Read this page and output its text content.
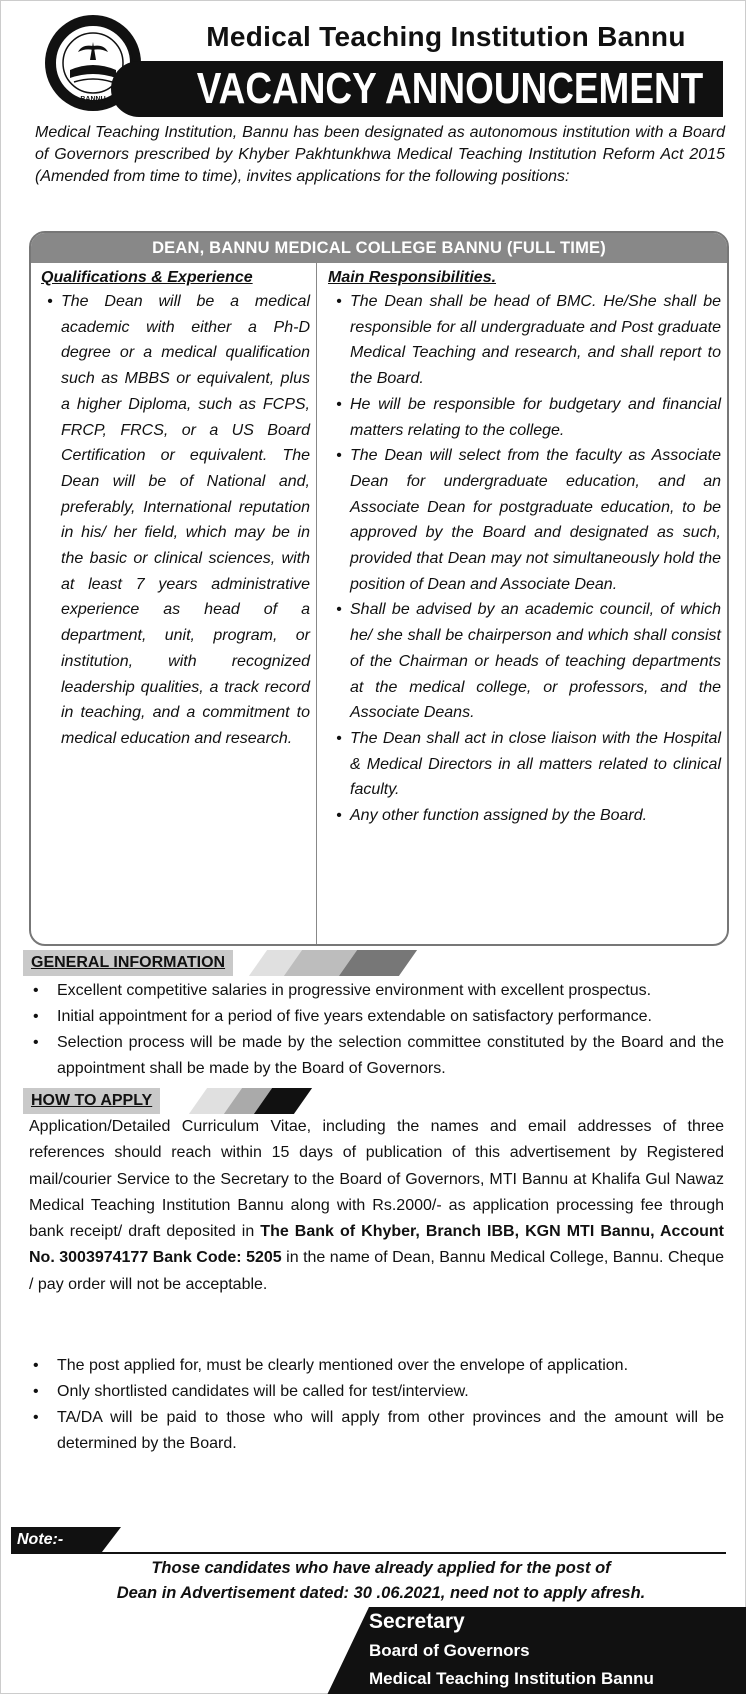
BANNU
Medical Teaching Institution Bannu
VACANCY ANNOUNCEMENT
Medical Teaching Institution, Bannu has been designated as autonomous institution with a Board of Governors prescribed by Khyber Pakhtunkhwa Medical Teaching Institution Reform Act 2015 (Amended from time to time), invites applications for the following positions:
DEAN, BANNU MEDICAL COLLEGE BANNU (FULL TIME)
Qualifications & Experience
• The Dean will be a medical academic with either a Ph-D degree or a medical qualification such as MBBS or equivalent, plus a higher Diploma, such as FCPS, FRCP, FRCS, or a US Board Certification or equivalent. The Dean will be of National and, preferably, International reputation in his/ her field, which may be in the basic or clinical sciences, with at least 7 years administrative experience as head of a department, unit, program, or institution, with recognized leadership qualities, a track record in teaching, and a commitment to medical education and research.
Main Responsibilities.
• The Dean shall be head of BMC. He/She shall be responsible for all undergraduate and Post graduate Medical Teaching and research, and shall report to the Board.
• He will be responsible for budgetary and financial matters relating to the college.
• The Dean will select from the faculty as Associate Dean for undergraduate education, and an Associate Dean for postgraduate education, to be approved by the Board and designated as such, provided that Dean may not simultaneously hold the position of Dean and Associate Dean.
• Shall be advised by an academic council, of which he/ she shall be chairperson and which shall consist of the Chairman or heads of teaching departments at the medical college, or professors, and the Associate Deans.
• The Dean shall act in close liaison with the Hospital & Medical Directors in all matters related to clinical faculty.
• Any other function assigned by the Board.
GENERAL INFORMATION
•	Excellent competitive salaries in progressive environment with excellent prospectus.
•	Initial appointment for a period of five years extendable on satisfactory performance.
•	Selection process will be made by the selection committee constituted by the Board and the appointment shall be made by the Board of Governors.
HOW TO APPLY
Application/Detailed Curriculum Vitae, including the names and email addresses of three references should reach within 15 days of publication of this advertisement by Registered mail/courier Service to the Secretary to the Board of Governors, MTI Bannu at Khalifa Gul Nawaz Medical Teaching Institution Bannu along with Rs.2000/- as application processing fee through bank receipt/ draft deposited in The Bank of Khyber, Branch IBB, KGN MTI Bannu, Account No. 3003974177 Bank Code: 5205 in the name of Dean, Bannu Medical College, Bannu. Cheque / pay order will not be acceptable.
•	The post applied for, must be clearly mentioned over the envelope of application.
•	Only shortlisted candidates will be called for test/interview.
•	TA/DA will be paid to those who will apply from other provinces and the amount will be determined by the Board.
Note:-
Those candidates who have already applied for the post of
Dean in Advertisement dated: 30 .06.2021, need not to apply afresh.
Secretary
Board of Governors
Medical Teaching Institution Bannu
